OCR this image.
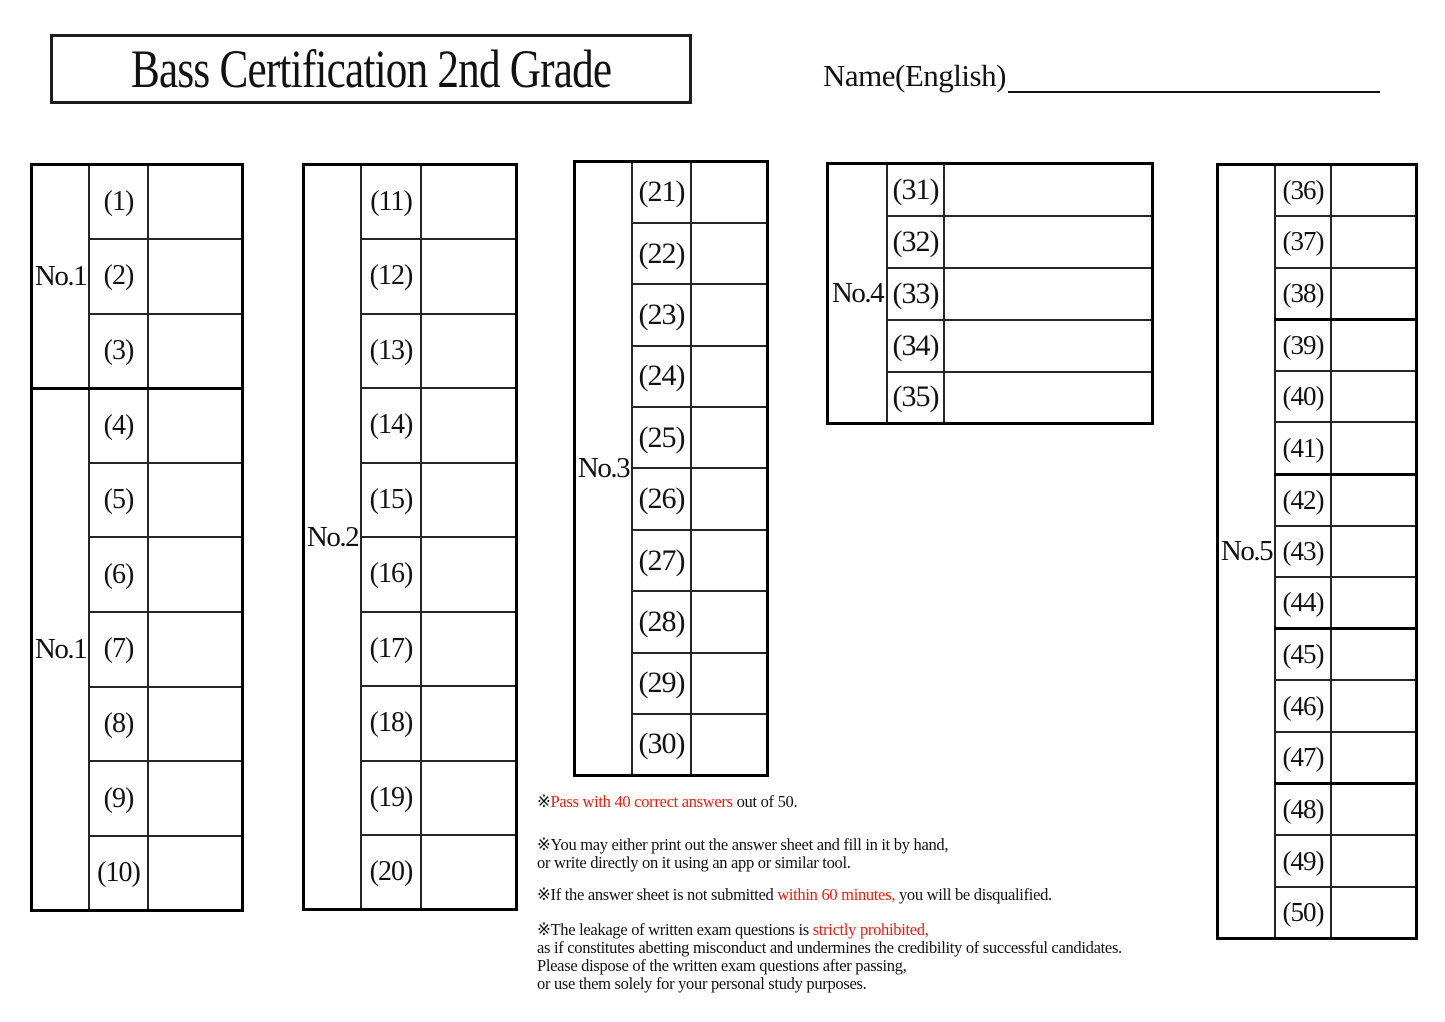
Bass Certification 2nd Grade	Name(English)
No.1	(1)	
	(2)	
	(3)	
No.1	(4)	
	(5)	
	(6)	
	(7)	
	(8)	
	(9)	
	(10)	
No.2	(11)	
	(12)	
	(13)	
	(14)	
	(15)	
	(16)	
	(17)	
	(18)	
	(19)	
	(20)	
No.3	(21)	
	(22)	
	(23)	
	(24)	
	(25)	
	(26)	
	(27)	
	(28)	
	(29)	
	(30)	
No.4	(31)	
	(32)	
	(33)	
	(34)	
	(35)	
No.5	(36)	
	(37)	
	(38)	
	(39)	
	(40)	
	(41)	
	(42)	
	(43)	
	(44)	
	(45)	
	(46)	
	(47)	
	(48)	
	(49)	
	(50)	
※Pass with 40 correct answers out of 50.
※You may either print out the answer sheet and fill in it by hand,
or write directly on it using an app or similar tool.
※If the answer sheet is not submitted within 60 minutes, you will be disqualified.
※The leakage of written exam questions is strictly prohibited,
as if constitutes abetting misconduct and undermines the credibility of successful candidates.
Please dispose of the written exam questions after passing,
or use them solely for your personal study purposes.
